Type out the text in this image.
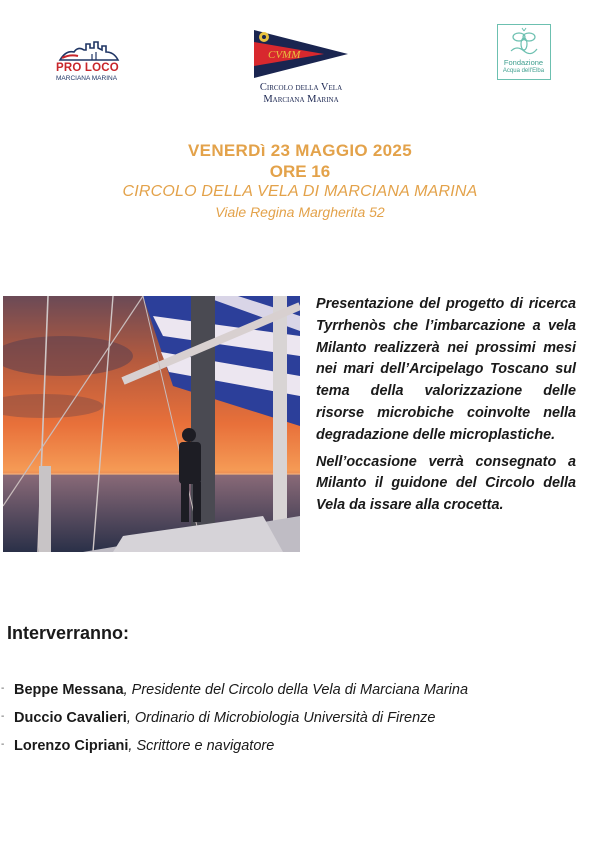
PRO LOCO
MARCIANA MARINA
CVMM
Circolo della Vela
Marciana Marina
Fondazione
Acqua dell'Elba
VENERDì 23 MAGGIO 2025
ORE 16
CIRCOLO DELLA VELA DI MARCIANA MARINA
Viale Regina Margherita 52

Presentazione del progetto di ricerca Tyrrhenòs che l’imbarcazione a vela Milanto realizzerà nei prossimi mesi nei mari dell’Arcipelago Toscano sul tema della valorizzazione delle risorse microbiche coinvolte nella degradazione delle microplastiche.

Nell’occasione verrà consegnato a Milanto il guidone del Circolo della Vela da issare alla crocetta.

Interverranno:
- Beppe Messana, Presidente del Circolo della Vela di Marciana Marina
- Duccio Cavalieri, Ordinario di Microbiologia Università di Firenze
- Lorenzo Cipriani, Scrittore e navigatore
